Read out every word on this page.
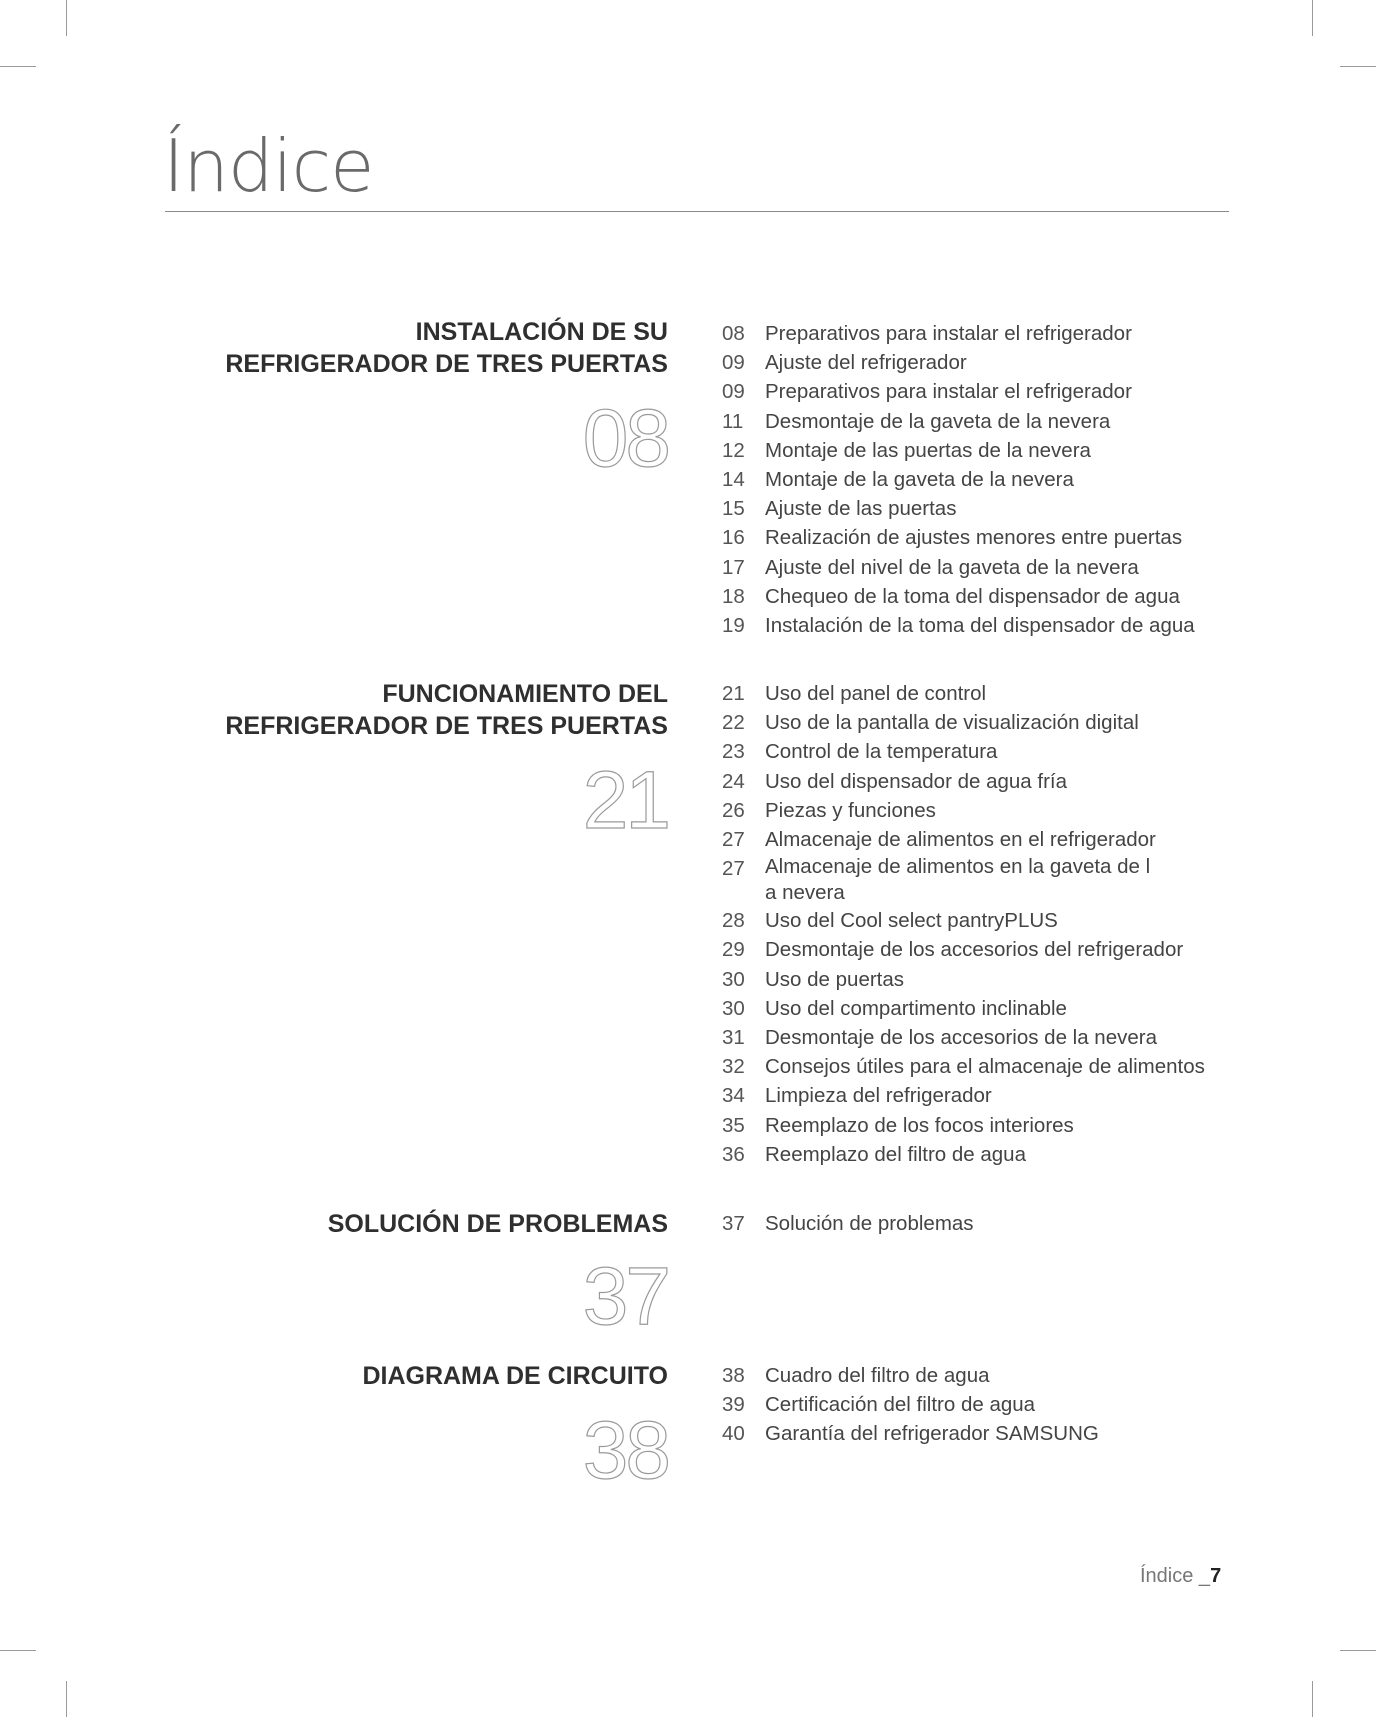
Índice
INSTALACIÓN DE SU
REFRIGERADOR DE TRES PUERTAS
08
08 Preparativos para instalar el refrigerador
09 Ajuste del refrigerador
09 Preparativos para instalar el refrigerador
11	Desmontaje de la gaveta de la nevera
12 Montaje de las puertas de la nevera
14 Montaje de la gaveta de la nevera
15 Ajuste de las puertas
16 Realización de ajustes menores entre puertas
17 Ajuste del nivel de la gaveta de la nevera
18 Chequeo de la toma del dispensador de agua
19 Instalación de la toma del dispensador de agua
FUNCIONAMIENTO DEL
REFRIGERADOR DE TRES PUERTAS
21
21 Uso del panel de control
22 Uso de la pantalla de visualización digital
23 Control de la temperatura
24 Uso del dispensador de agua fría
26 Piezas y funciones
27 Almacenaje de alimentos en el refrigerador
27 Almacenaje de alimentos en la gaveta de l a nevera
28 Uso del Cool select pantryPLUS
29 Desmontaje de los accesorios del refrigerador
30 Uso de puertas
30 Uso del compartimento inclinable
31 Desmontaje de los accesorios de la nevera
32 Consejos útiles para el almacenaje de alimentos
34 Limpieza del refrigerador
35 Reemplazo de los focos interiores
36 Reemplazo del filtro de agua
SOLUCIÓN DE PROBLEMAS
37
37 Solución de problemas
DIAGRAMA DE CIRCUITO
38
38 Cuadro del filtro de agua
39 Certificación del filtro de agua
40 Garantía del refrigerador SAMSUNG
Índice _7
